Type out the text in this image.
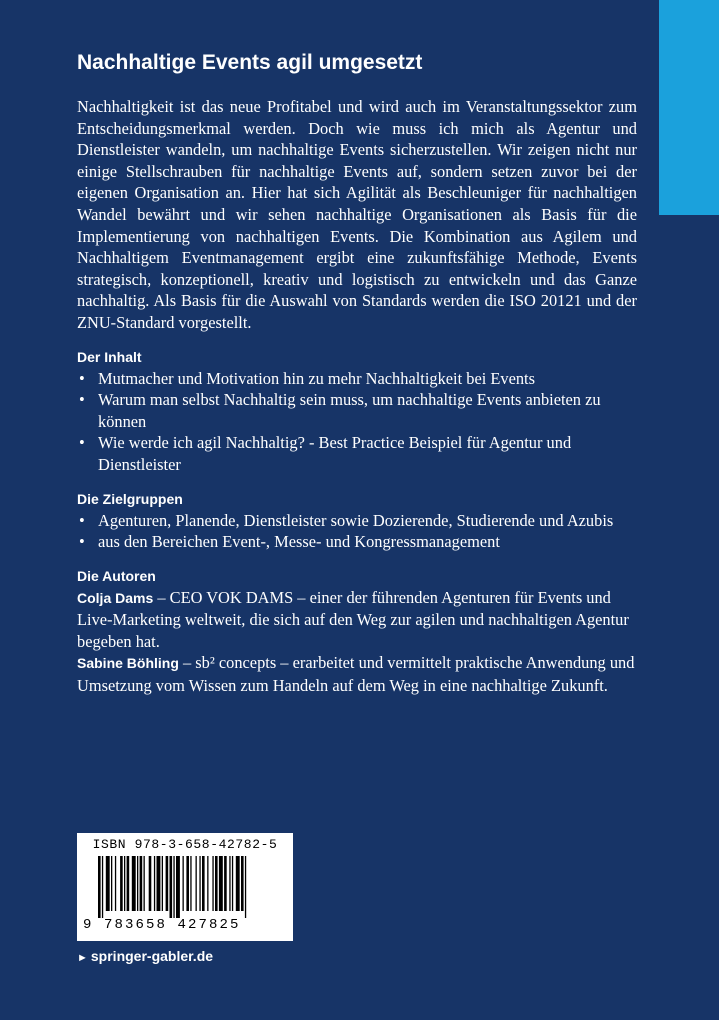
Nachhaltige Events agil umgesetzt

Nachhaltigkeit ist das neue Profitabel und wird auch im Veranstaltungssektor zum Entscheidungsmerkmal werden. Doch wie muss ich mich als Agentur und Dienstleister wandeln, um nachhaltige Events sicherzustellen. Wir zeigen nicht nur einige Stellschrauben für nachhaltige Events auf, sondern setzen zuvor bei der eigenen Organisation an. Hier hat sich Agilität als Beschleuniger für nachhaltigen Wandel bewährt und wir sehen nachhaltige Organisationen als Basis für die Implementierung von nachhaltigen Events. Die Kombination aus Agilem und Nachhaltigem Eventmanagement ergibt eine zukunftsfähige Methode, Events strategisch, konzeptionell, kreativ und logistisch zu entwickeln und das Ganze nachhaltig. Als Basis für die Auswahl von Standards werden die ISO 20121 und der ZNU-Standard vorgestellt.

Der Inhalt
• Mutmacher und Motivation hin zu mehr Nachhaltigkeit bei Events
• Warum man selbst Nachhaltig sein muss, um nachhaltige Events anbieten zu können
• Wie werde ich agil Nachhaltig? - Best Practice Beispiel für Agentur und Dienstleister
Die Zielgruppen
• Agenturen, Planende, Dienstleister sowie Dozierende, Studierende und Azubis
• aus den Bereichen Event-, Messe- und Kongressmanagement
Die Autoren

Colja Dams – CEO VOK DAMS – einer der führenden Agenturen für Events und Live-Marketing weltweit, die sich auf den Weg zur agilen und nachhaltigen Agentur begeben hat.

Sabine Böhling – sb² concepts – erarbeitet und vermittelt praktische Anwendung und Umsetzung vom Wissen zum Handeln auf dem Weg in eine nachhaltige Zukunft.

ISBN 978-3-658-42782-5
9 783658 427825
► springer-gabler.de
